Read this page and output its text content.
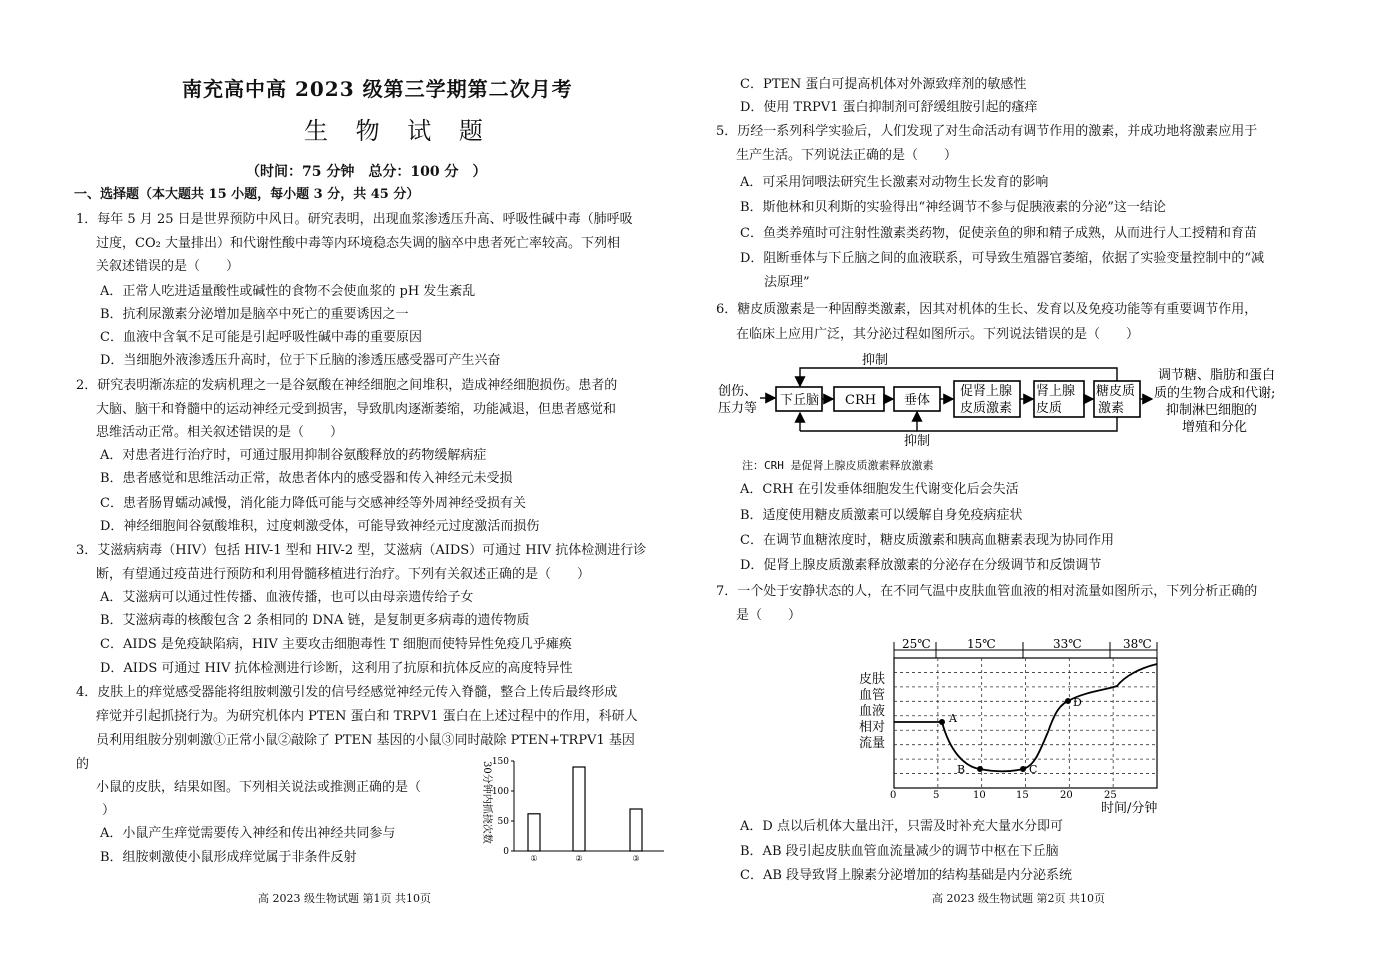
南充高中高 2023 级第三学期第二次月考
生 物 试 题
（时间：75 分钟　总分：100 分　）
一、选择题（本大题共 15 小题，每小题 3 分，共 45 分）
1．每年 5 月 25 日是世界预防中风日。研究表明，出现血浆渗透压升高、呼吸性碱中毒（肺呼吸
过度，CO₂ 大量排出）和代谢性酸中毒等内环境稳态失调的脑卒中患者死亡率较高。下列相
关叙述错误的是（　　）
A．正常人吃进适量酸性或碱性的食物不会使血浆的 pH 发生紊乱
B．抗利尿激素分泌增加是脑卒中死亡的重要诱因之一
C．血液中含氧不足可能是引起呼吸性碱中毒的重要原因
D．当细胞外液渗透压升高时，位于下丘脑的渗透压感受器可产生兴奋
2．研究表明渐冻症的发病机理之一是谷氨酸在神经细胞之间堆积，造成神经细胞损伤。患者的
大脑、脑干和脊髓中的运动神经元受到损害，导致肌肉逐渐萎缩，功能减退，但患者感觉和
思维活动正常。相关叙述错误的是（　　）
A．对患者进行治疗时，可通过服用抑制谷氨酸释放的药物缓解病症
B．患者感觉和思维活动正常，故患者体内的感受器和传入神经元未受损
C．患者肠胃蠕动减慢，消化能力降低可能与交感神经等外周神经受损有关
D．神经细胞间谷氨酸堆积，过度刺激受体，可能导致神经元过度激活而损伤
3．艾滋病病毒（HIV）包括 HIV-1 型和 HIV-2 型，艾滋病（AIDS）可通过 HIV 抗体检测进行诊
断，有望通过疫苗进行预防和利用骨髓移植进行治疗。下列有关叙述正确的是（　　）
A．艾滋病可以通过性传播、血液传播，也可以由母亲遗传给子女
B．艾滋病毒的核酸包含 2 条相同的 DNA 链，是复制更多病毒的遗传物质
C．AIDS 是免疫缺陷病，HIV 主要攻击细胞毒性 T 细胞而使特异性免疫几乎瘫痪
D．AIDS 可通过 HIV 抗体检测进行诊断，这利用了抗原和抗体反应的高度特异性
4．皮肤上的痒觉感受器能将组胺刺激引发的信号经感觉神经元传入脊髓，整合上传后最终形成
痒觉并引起抓挠行为。为研究机体内 PTEN 蛋白和 TRPV1 蛋白在上述过程中的作用，科研人
员利用组胺分别刺激①正常小鼠②敲除了 PTEN 基因的小鼠③同时敲除 PTEN+TRPV1 基因
的
小鼠的皮肤，结果如图。下列相关说法或推测正确的是（
）
A．小鼠产生痒觉需要传入神经和传出神经共同参与
B．组胺刺激使小鼠形成痒觉属于非条件反射
30分钟内抓挠次数
0
50
100
150
①	②	③
C．PTEN 蛋白可提高机体对外源致痒剂的敏感性
D．使用 TRPV1 蛋白抑制剂可舒缓组胺引起的瘙痒
5．历经一系列科学实验后，人们发现了对生命活动有调节作用的激素，并成功地将激素应用于
生产生活。下列说法正确的是（　　）
A．可采用饲喂法研究生长激素对动物生长发育的影响
B．斯他林和贝利斯的实验得出“神经调节不参与促胰液素的分泌”这一结论
C．鱼类养殖时可注射性激素类药物，促使亲鱼的卵和精子成熟，从而进行人工授精和育苗
D．阻断垂体与下丘脑之间的血液联系，可导致生殖器官萎缩，依据了实验变量控制中的“减
法原理”
6．糖皮质激素是一种固醇类激素，因其对机体的生长、发育以及免疫功能等有重要调节作用，
在临床上应用广泛，其分泌过程如图所示。下列说法错误的是（　　）
注：CRH 是促肾上腺皮质激素释放激素
A．CRH 在引发垂体细胞发生代谢变化后会失活
B．适度使用糖皮质激素可以缓解自身免疫病症状
C．在调节血糖浓度时，糖皮质激素和胰高血糖素表现为协同作用
D．促肾上腺皮质激素释放激素的分泌存在分级调节和反馈调节
7．一个处于安静状态的人，在不同气温中皮肤血管血液的相对流量如图所示，下列分析正确的
是（　　）
A．D 点以后机体大量出汗，只需及时补充大量水分即可
B．AB 段引起皮肤血管血流量减少的调节中枢在下丘脑
C．AB 段导致肾上腺素分泌增加的结构基础是内分泌系统
创伤、
压力等
下丘脑 CRH 垂体
促肾上腺
皮质激素
肾上腺
皮质
糖皮质
激素
抑制
抑制
调节糖、脂肪和蛋白
质的生物合成和代谢;
抑制淋巴细胞的
增殖和分化
25℃	15℃	33℃	38℃
皮肤
血管
血液
相对
流量
A
B	C
D
0	5	10	15	20	25
时间/分钟
高 2023 级生物试题 第1页 共10页	高 2023 级生物试题 第2页 共10页
